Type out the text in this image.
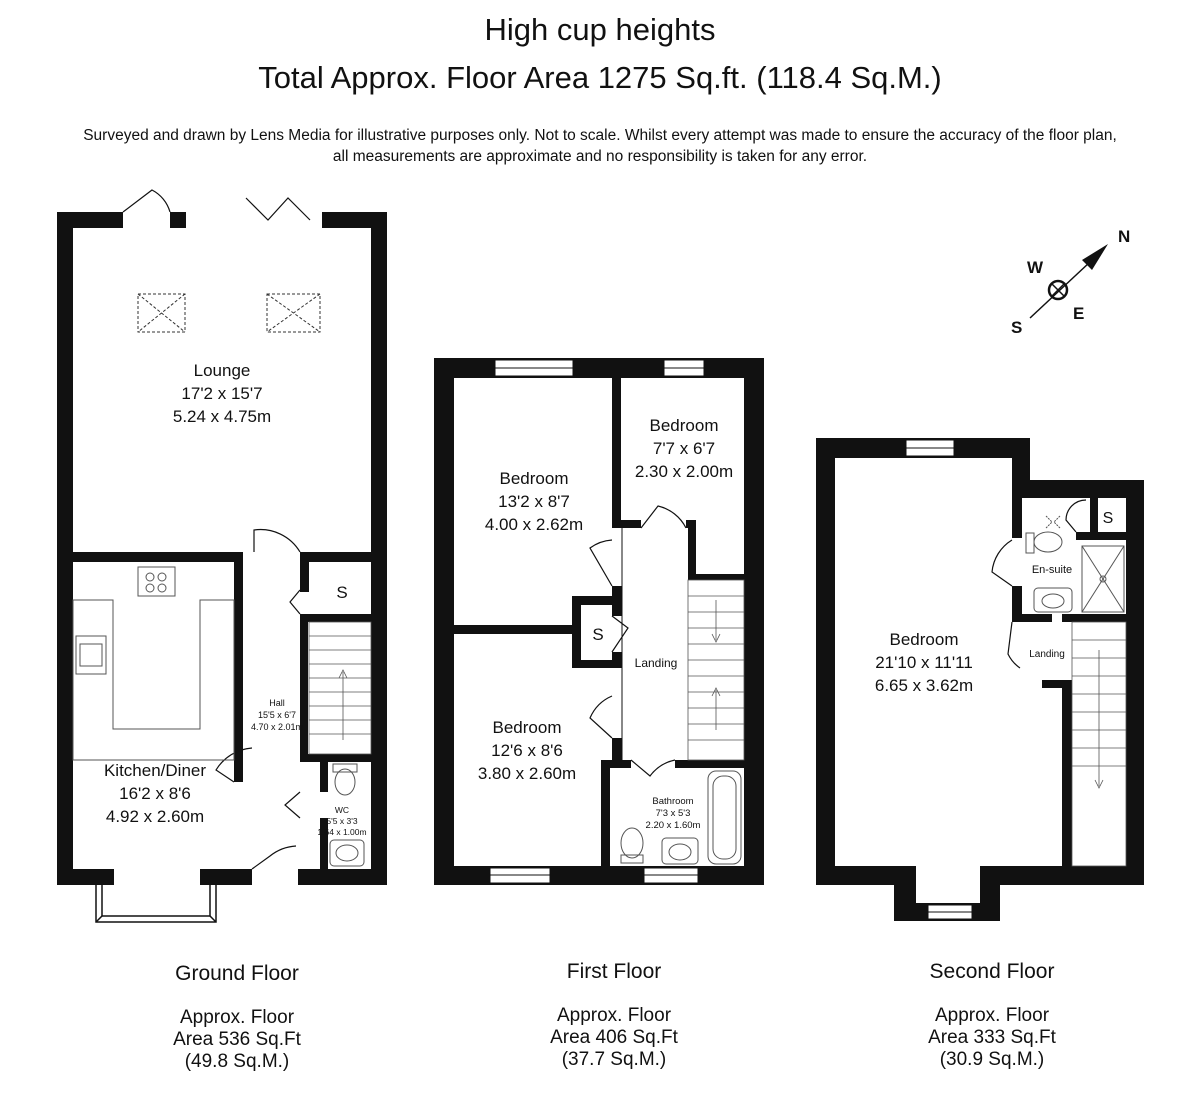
High cup heights
Total Approx. Floor Area 1275 Sq.ft. (118.4 Sq.M.)
Surveyed and drawn by Lens Media for illustrative purposes only. Not to scale. Whilst every attempt was made to ensure the accuracy of the floor plan,
all measurements are approximate and no responsibility is taken for any error.
Lounge
17'2 x 15'7
5.24 x 4.75m
Kitchen/Diner
16'2 x 8'6
4.92 x 2.60m
Hall
15'5 x 6'7
4.70 x 2.01m
WC
5'5 x 3'3
1.64 x 1.00m
S
Bedroom
13'2 x 8'7
4.00 x 2.62m
Bedroom
7'7 x 6'7
2.30 x 2.00m
Bedroom
12'6 x 8'6
3.80 x 2.60m
Bathroom
7'3 x 5'3
2.20 x 1.60m
Landing
S	Bedroom
21'10 x 11'11
6.65 x 3.62m
En-suite
Landing
S
N
W
E
S
Ground Floor
Approx. Floor
Area 536 Sq.Ft
(49.8 Sq.M.)
First Floor
Approx. Floor
Area 406 Sq.Ft
(37.7 Sq.M.)
Second Floor
Approx. Floor
Area 333 Sq.Ft
(30.9 Sq.M.)
